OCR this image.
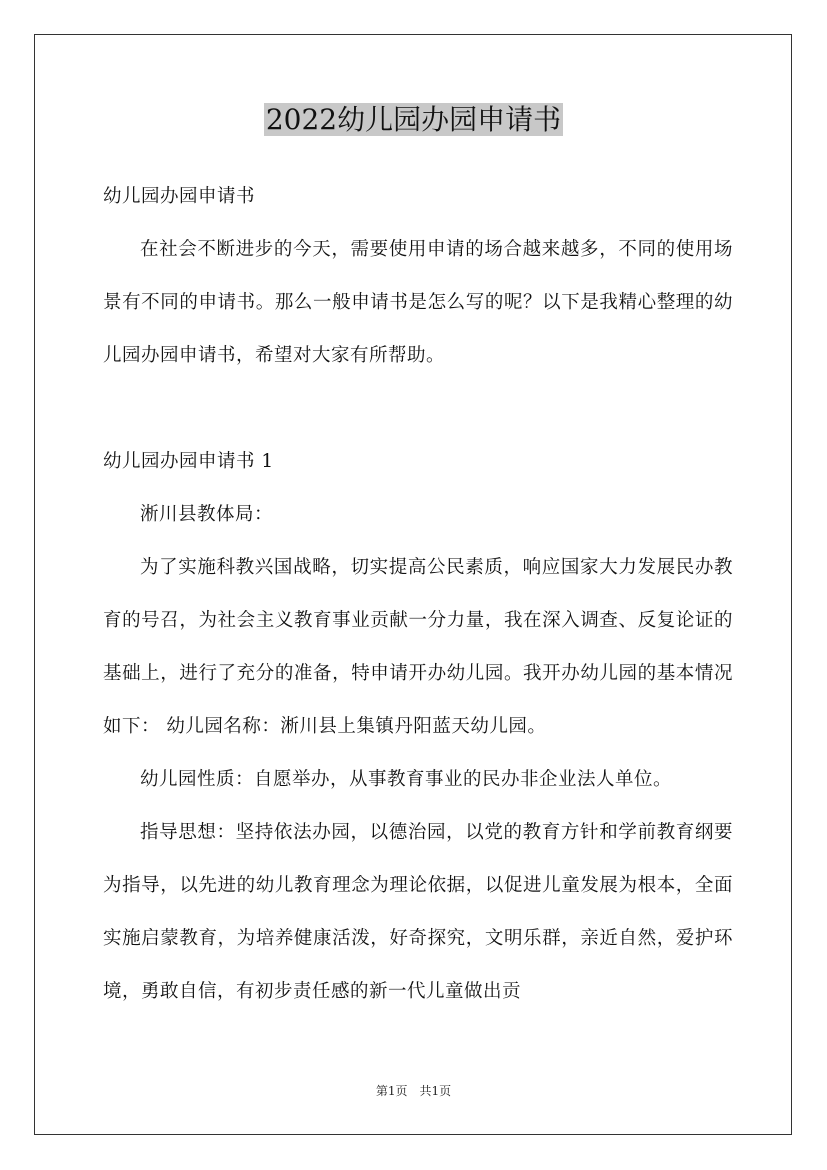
2022幼儿园办园申请书

幼儿园办园申请书

在社会不断进步的今天，需要使用申请的场合越来越多，不同的使用场景有不同的申请书。那么一般申请书是怎么写的呢？以下是我精心整理的幼儿园办园申请书，希望对大家有所帮助。

幼儿园办园申请书 1

淅川县教体局：

为了实施科教兴国战略，切实提高公民素质，响应国家大力发展民办教育的号召，为社会主义教育事业贡献一分力量，我在深入调查、反复论证的基础上，进行了充分的准备，特申请开办幼儿园。我开办幼儿园的基本情况如下： 幼儿园名称：淅川县上集镇丹阳蓝天幼儿园。

幼儿园性质：自愿举办，从事教育事业的民办非企业法人单位。

指导思想：坚持依法办园，以德治园，以党的教育方针和学前教育纲要为指导，以先进的幼儿教育理念为理论依据，以促进儿童发展为根本，全面实施启蒙教育，为培养健康活泼，好奇探究，文明乐群，亲近自然，爱护环境，勇敢自信，有初步责任感的新一代儿童做出贡

第1页　共1页
